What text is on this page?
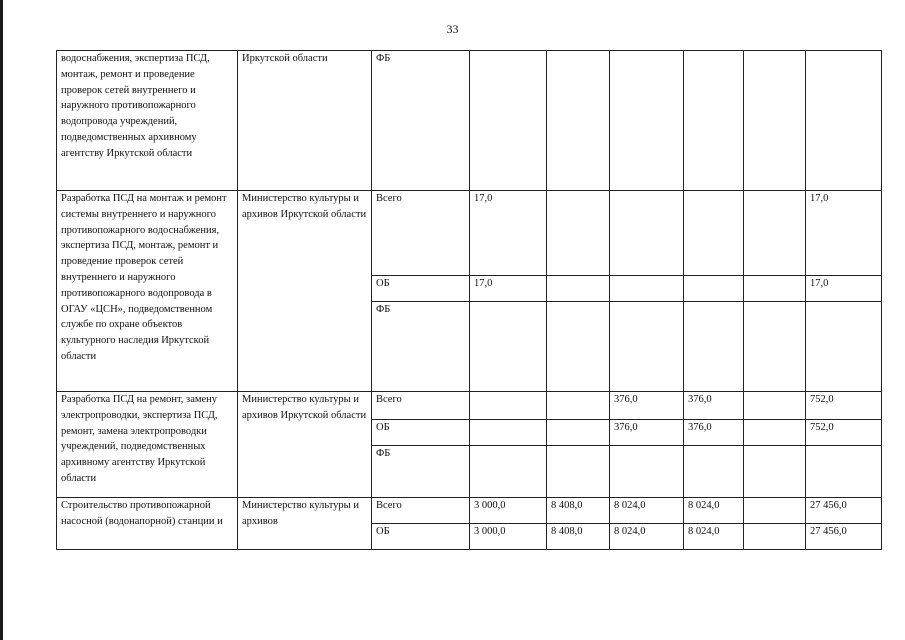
33
водоснабжения, экспертиза ПСД, монтаж, ремонт и проведение проверок сетей внутреннего и наружного противопожарного водопровода учреждений, подведомственных архивному агентству Иркутской области	Иркутской области	ФБ						
Разработка ПСД на монтаж и ремонт системы внутреннего и наружного противопожарного водоснабжения, экспертиза ПСД, монтаж, ремонт и проведение проверок сетей внутреннего и наружного противопожарного водопровода в ОГАУ «ЦСН», подведомственном службе по охране объектов культурного наследия Иркутской области	Министерство культуры и архивов Иркутской области	Всего	17,0					17,0
		ОБ	17,0					17,0
		ФБ						
Разработка ПСД на ремонт, замену электропроводки, экспертиза ПСД, ремонт, замена электропроводки учреждений, подведомственных архивному агентству Иркутской области	Министерство культуры и архивов Иркутской области	Всего			376,0	376,0		752,0
		ОБ			376,0	376,0		752,0
		ФБ						
Строительство противопожарной насосной (водонапорной) станции и	Министерство культуры и архивов	Всего	3 000,0	8 408,0	8 024,0	8 024,0		27 456,0
		ОБ	3 000,0	8 408,0	8 024,0	8 024,0		27 456,0
